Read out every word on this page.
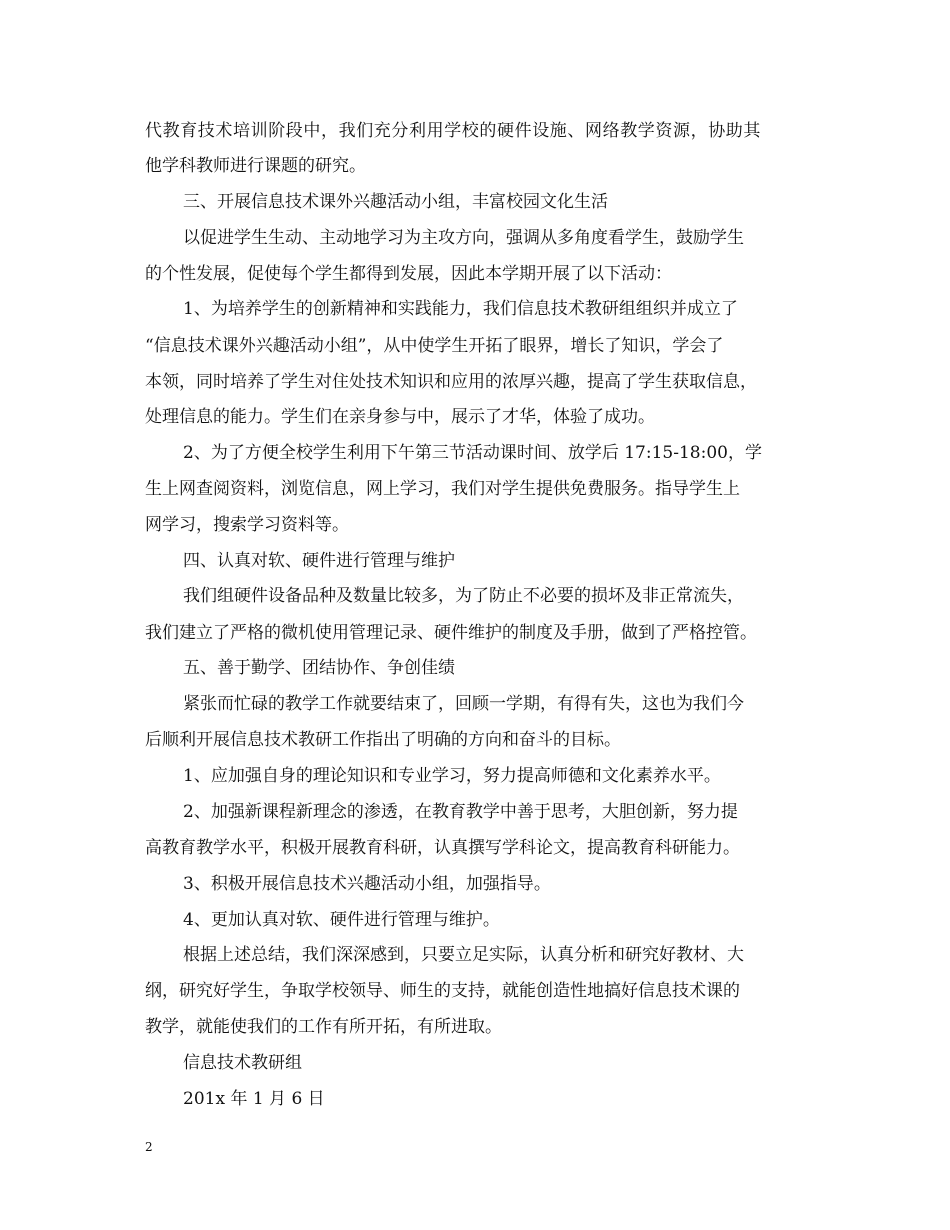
代教育技术培训阶段中，我们充分利用学校的硬件设施、网络教学资源，协助其
他学科教师进行课题的研究。
三、开展信息技术课外兴趣活动小组，丰富校园文化生活
以促进学生生动、主动地学习为主攻方向，强调从多角度看学生，鼓励学生
的个性发展，促使每个学生都得到发展，因此本学期开展了以下活动：
1、为培养学生的创新精神和实践能力，我们信息技术教研组组织并成立了
“信息技术课外兴趣活动小组”，从中使学生开拓了眼界，增长了知识，学会了
本领，同时培养了学生对住处技术知识和应用的浓厚兴趣，提高了学生获取信息，
处理信息的能力。学生们在亲身参与中，展示了才华，体验了成功。
2、为了方便全校学生利用下午第三节活动课时间、放学后 17:15-18:00，学
生上网查阅资料，浏览信息，网上学习，我们对学生提供免费服务。指导学生上
网学习，搜索学习资料等。
四、认真对软、硬件进行管理与维护
我们组硬件设备品种及数量比较多，为了防止不必要的损坏及非正常流失，
我们建立了严格的微机使用管理记录、硬件维护的制度及手册，做到了严格控管。
五、善于勤学、团结协作、争创佳绩
紧张而忙碌的教学工作就要结束了，回顾一学期，有得有失，这也为我们今
后顺利开展信息技术教研工作指出了明确的方向和奋斗的目标。
1、应加强自身的理论知识和专业学习，努力提高师德和文化素养水平。
2、加强新课程新理念的渗透，在教育教学中善于思考，大胆创新，努力提
高教育教学水平，积极开展教育科研，认真撰写学科论文，提高教育科研能力。
3、积极开展信息技术兴趣活动小组，加强指导。
4、更加认真对软、硬件进行管理与维护。
根据上述总结，我们深深感到，只要立足实际，认真分析和研究好教材、大
纲，研究好学生，争取学校领导、师生的支持，就能创造性地搞好信息技术课的
教学，就能使我们的工作有所开拓，有所进取。
信息技术教研组
201x 年 1 月 6 日
2
